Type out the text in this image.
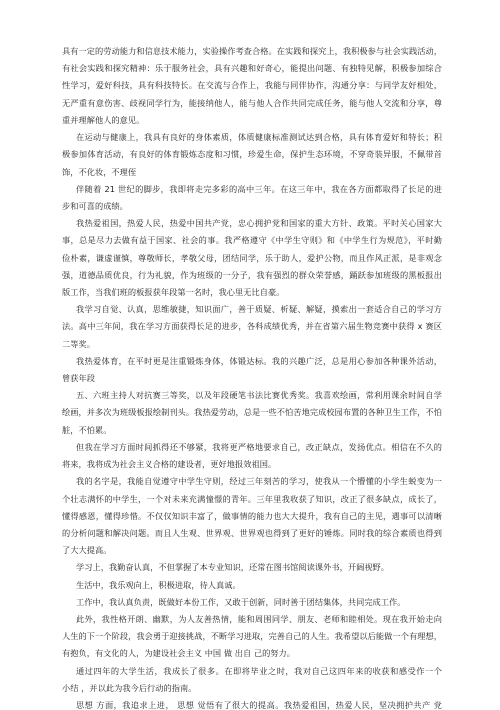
具有一定的劳动能力和信息技术能力，实验操作考查合格。在实践和探究上，我积极参与社会实践活动，
有社会实践和探究精神：乐于服务社会，具有兴趣和好奇心，能提出问题、有独特见解，积极参加综合
性学习，爱好科技，具有科技特长。在交流与合作上，我能与同伴协作，沟通分享：与同学友好相处，
无严重有意伤害、歧视同学行为，能接纳他人，能与他人合作共同完成任务，能与他人交流和分享，尊
重并理解他人的意见。
在运动与健康上，我具有良好的身体素质，体质健康标准测试达到合格，具有体育爱好和特长；积
极参加体育活动，有良好的体育锻炼态度和习惯，珍爱生命，保护生态环境，不穿奇装异服，不佩带首
饰，不化妆，不理侄
伴随着 21 世纪的脚步，我即将走完多彩的高中三年。在这三年中，我在各方面都取得了长足的进
步和可喜的成绩。
我热爱祖国，热爱人民，热爱中国共产党，忠心拥护党和国家的重大方针、政策。平时关心国家大
事，总是尽力去做有益于国家、社会的事。我严格遵守《中学生守则》和《中学生行为规范》，平时勤
俭朴素，谦虚谨慎，尊敬师长，孝敬父母，团结同学，乐于助人，爱护公物，而且作风正派，是非观念
强，道德品质优良，行为礼貌，作为班级的一分子，我有强烈的群众荣誉感，踊跃参加班级的黑板报出
版工作，当我们班的板报获年段第一名时，我心里无比自豪。
我学习自觉、认真，思维敏捷，知识面广，善于质疑、析疑、解疑，摸索出一套适合自己的学习方
法。高中三年间，我在学习方面获得长足的进步，各科成绩优秀，并在省第六届生物竞赛中获得 x 赛区
二等奖。
我热爱体育，在平时更是注重锻炼身体，体锻达标。我的兴趣广泛，总是用心参加各种课外活动，
曾获年段
五、六班主持人对抗赛三等奖，以及年段硬笔书法比赛优秀奖。我喜欢绘画，常利用课余时间自学
绘画，并多次为班级板报绘制刊头。我热爱劳动，总是一些不怕苦地完成校园布置的各种卫生工作，不怕
脏，不怕累。
但我在学习方面时间抓得还不够紧，我将更严格地要求自己，改正缺点，发扬优点。相信在不久的
将来，我将成为社会主义合格的建设者，更好地报效祖国。
我的名字是，我能自觉遵守中学生守则，经过三年刻苦的学习，使我从一个懵懂的小学生蜕变为一
个壮志满怀的中学生，一个对未来充满憧憬的青年。三年里我收获了知识，改正了很多缺点，成长了，
懂得感恩，懂得珍惜。不仅仅知识丰富了，做事情的能力也大大提升，我有自己的主见，遇事可以清晰
的分析问题和解决问题。而且人生观、世界观、世界观也得到了更好的锤炼。同时我的综合素质也得到
了大大提高。
学习上，我勤奋认真，不但掌握了本专业知识，还常在图书馆阅读课外书，开阔视野。
生活中，我乐观向上，积极进取，待人真诚。
工作中，我认真负责，既做好本份工作，又敢于创新，同时善于团结集体，共同完成工作。
此外，我性格开朗、幽默，为人友善热情，能和周围同学、朋友、老师和睦相处。现在我开始走向
人生的下一个阶段，我会勇于迎接挑战，不断学习进取，完善自己的人生。我希望以后能做一个有理想，
有抱负，有文化的人，为建设社会主义 中国 做 出自 己的努力。
通过四年的大学生活，我成长了很多。在即将毕业之时，我对自己这四年来的收获和感受作一个
小结 ，并以此为我今后行动的指南。
思想 方面，我追求上进， 思想 觉悟有了很大的提高。我热爱祖国，热爱人民，坚决拥护共产 党
